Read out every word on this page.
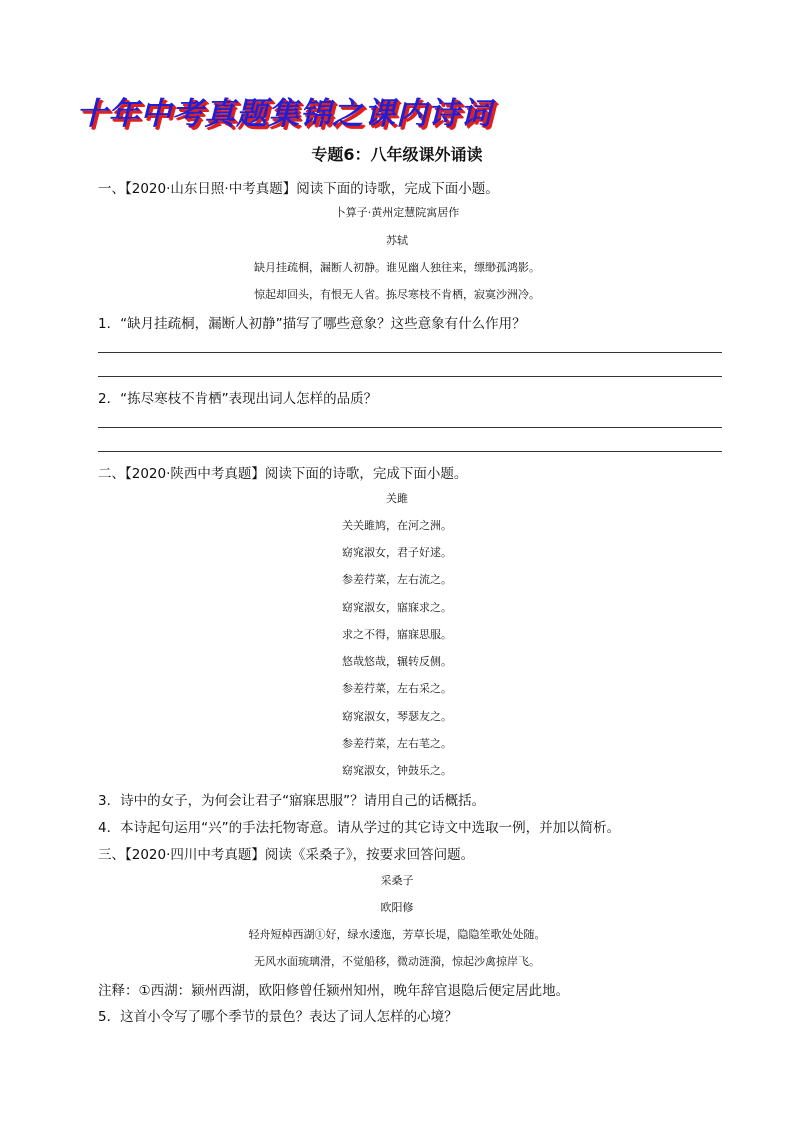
十年中考真题集锦之课内诗词
专题6：八年级课外诵读
一、【2020·山东日照·中考真题】阅读下面的诗歌，完成下面小题。
卜算子·黄州定慧院寓居作
苏轼
缺月挂疏桐，漏断人初静。谁见幽人独往来，缥缈孤鸿影。
惊起却回头，有恨无人省。拣尽寒枝不肯栖，寂寞沙洲冷。
1．“缺月挂疏桐，漏断人初静”描写了哪些意象？这些意象有什么作用？
2．“拣尽寒枝不肯栖”表现出词人怎样的品质？
二、【2020·陕西中考真题】阅读下面的诗歌，完成下面小题。
关雎
关关雎鸠，在河之洲。
窈窕淑女，君子好逑。
参差荇菜，左右流之。
窈窕淑女，寤寐求之。
求之不得，寤寐思服。
悠哉悠哉，辗转反侧。
参差荇菜，左右采之。
窈窕淑女，琴瑟友之。
参差荇菜，左右芼之。
窈窕淑女，钟鼓乐之。
3．诗中的女子，为何会让君子“寤寐思服”？请用自己的话概括。
4．本诗起句运用“兴”的手法托物寄意。请从学过的其它诗文中选取一例，并加以简析。
三、【2020·四川中考真题】阅读《采桑子》，按要求回答问题。
采桑子
欧阳修
轻舟短棹西湖①好，绿水逶迤，芳草长堤，隐隐笙歌处处随。
无风水面琉璃滑，不觉船移，微动涟漪，惊起沙禽掠岸飞。
注释：①西湖：颍州西湖，欧阳修曾任颍州知州，晚年辞官退隐后便定居此地。
5．这首小令写了哪个季节的景色？表达了词人怎样的心境？
